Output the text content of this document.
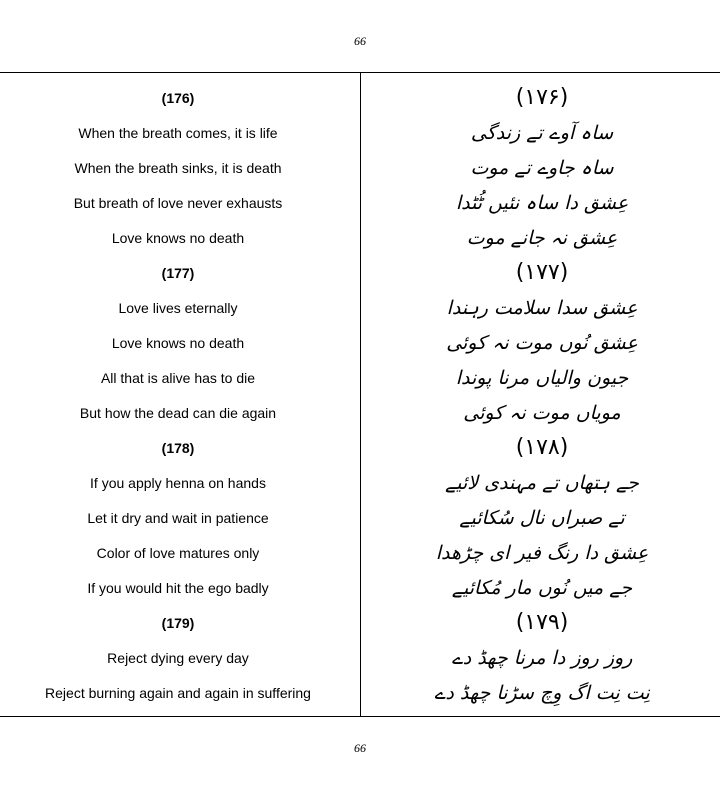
66
(176)
When the breath comes, it is life
When the breath sinks, it is death
But breath of love never exhausts
Love knows no death
(177)
Love lives eternally
Love knows no death
All that is alive has to die
But how the dead can die again
(178)
If you apply henna on hands
Let it dry and wait in patience
Color of love matures only
If you would hit the ego badly
(179)
Reject dying every day
Reject burning again and again in suffering
(۱۷۶)
ساہ آوے تے زندگی
ساہ جاوے تے موت
عِشق دا ساہ نئیں ٹُٹدا
عِشق نہ جانے موت
(۱۷۷)
عِشق سدا سلامت رہندا
عِشق نُوں موت نہ کوئی
جیون والیاں مرنا پوندا
مویاں موت نہ کوئی
(۱۷۸)
جے ہتھاں تے مہندی لائیے
تے صبراں نال سُکائیے
عِشق دا رنگ فیر ای چڑھدا
جے میں نُوں مار مُکائیے
(۱۷۹)
روز روز دا مرنا چھڈ دے
نِت نِت اگ وِچ سڑنا چھڈ دے
66
